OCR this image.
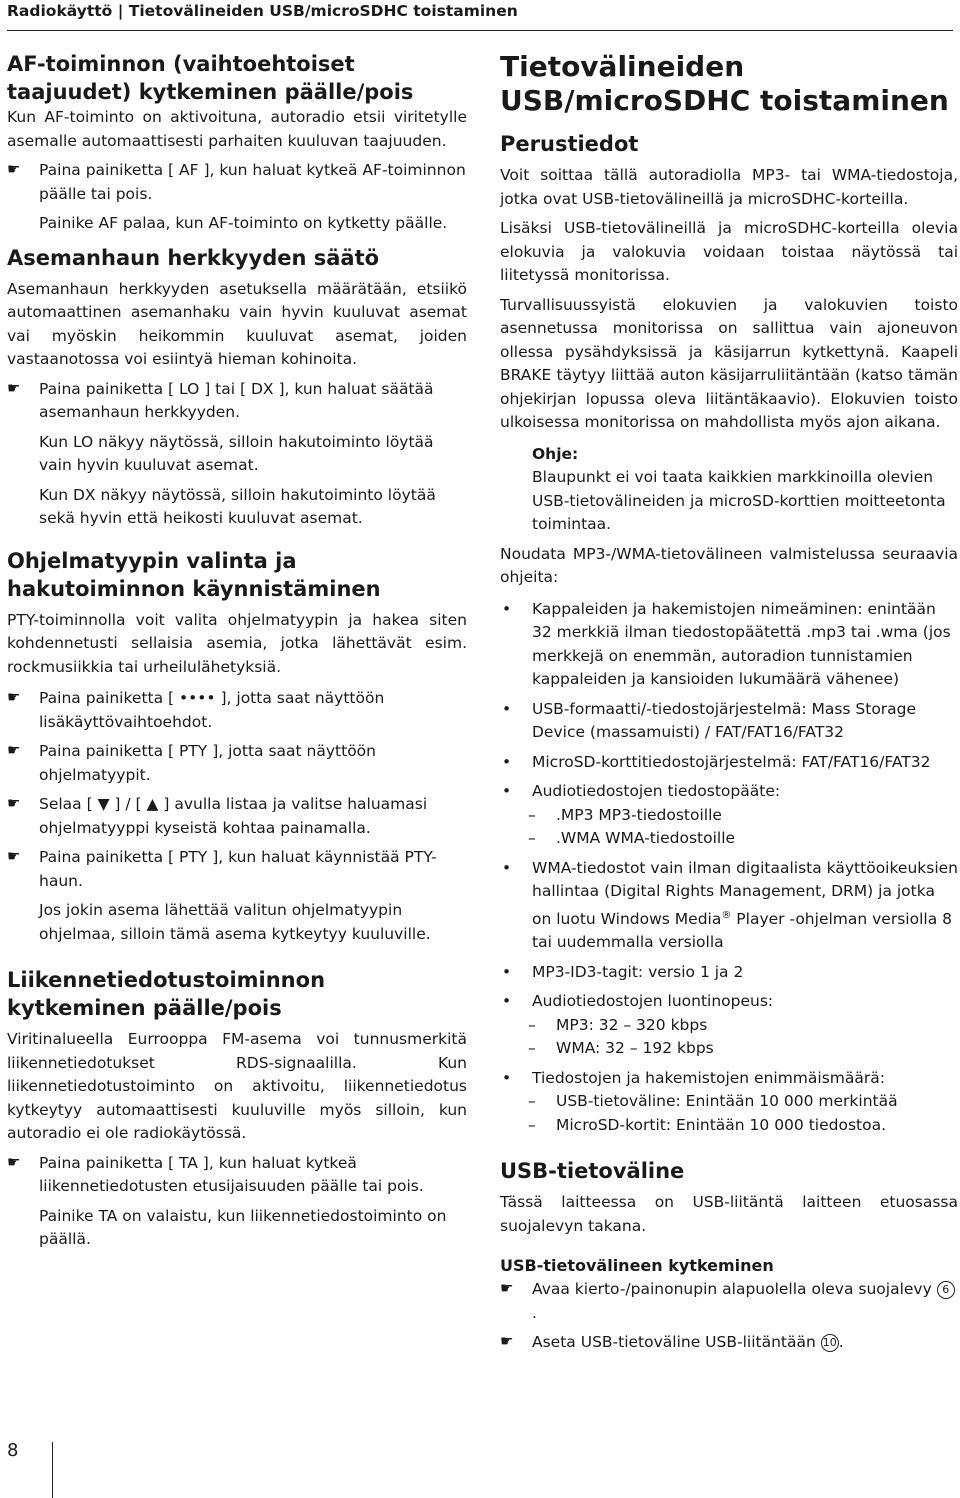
Radiokäyttö | Tietovälineiden USB/microSDHC toistaminen

AF-toiminnon (vaihtoehtoiset taajuudet) kytkeminen päälle/pois

Kun AF-toiminto on aktivoituna, autoradio etsii viritetylle asemalle automaattisesti parhaiten kuuluvan taajuuden.

☛	Paina painiketta [ AF ], kun haluat kytkeä AF-toiminnon päälle tai pois.

Painike AF palaa, kun AF-toiminto on kytketty päälle.

Asemanhaun herkkyyden säätö

Asemanhaun herkkyyden asetuksella määrätään, etsiikö automaattinen asemanhaku vain hyvin kuuluvat asemat vai myöskin heikommin kuuluvat asemat, joiden vastaanotossa voi esiintyä hieman kohinoita.

☛	Paina painiketta [ LO ] tai [ DX ], kun haluat säätää asemanhaun herkkyyden.

Kun LO näkyy näytössä, silloin hakutoiminto löytää vain hyvin kuuluvat asemat.

Kun DX näkyy näytössä, silloin hakutoiminto löytää sekä hyvin että heikosti kuuluvat asemat.

Ohjelmatyypin valinta ja hakutoiminnon käynnistäminen

PTY-toiminnolla voit valita ohjelmatyypin ja hakea siten kohdennetusti sellaisia asemia, jotka lähettävät esim. rockmusiikkia tai urheilulähetyksiä.

☛	Paina painiketta [ •••• ], jotta saat näyttöön lisäkäyttövaihtoehdot.
☛	Paina painiketta [ PTY ], jotta saat näyttöön ohjelmatyypit.
☛	Selaa [ ▼ ] / [ ▲ ] avulla listaa ja valitse haluamasi ohjelmatyyppi kyseistä kohtaa painamalla.
☛	Paina painiketta [ PTY ], kun haluat käynnistää PTY-haun.

Jos jokin asema lähettää valitun ohjelmatyypin ohjelmaa, silloin tämä asema kytkeytyy kuuluville.

Liikennetiedotustoiminnon kytkeminen päälle/pois

Viritinalueella Eurrooppa FM-asema voi tunnusmerkitä liikennetiedotukset RDS-signaalilla. Kun liikennetiedotustoiminto on aktivoitu, liikennetiedotus kytkeytyy automaattisesti kuuluville myös silloin, kun autoradio ei ole radiokäytössä.

☛	Paina painiketta [ TA ], kun haluat kytkeä liikennetiedotusten etusijaisuuden päälle tai pois.

Painike TA on valaistu, kun liikennetiedostoiminto on päällä.

Tietovälineiden USB/microSDHC toistaminen

Perustiedot

Voit soittaa tällä autoradiolla MP3- tai WMA-tiedostoja, jotka ovat USB-tietovälineillä ja microSDHC-korteilla.

Lisäksi USB-tietovälineillä ja microSDHC-korteilla olevia elokuvia ja valokuvia voidaan toistaa näytössä tai liitetyssä monitorissa.

Turvallisuussyistä elokuvien ja valokuvien toisto asennetussa monitorissa on sallittua vain ajoneuvon ollessa pysähdyksissä ja käsijarrun kytkettynä. Kaapeli BRAKE täytyy liittää auton käsijarruliitäntään (katso tämän ohjekirjan lopussa oleva liitäntäkaavio). Elokuvien toisto ulkoisessa monitorissa on mahdollista myös ajon aikana.

Ohje:

Blaupunkt ei voi taata kaikkien markkinoilla olevien USB-tietovälineiden ja microSD-korttien moitteetonta toimintaa.

Noudata MP3-/WMA-tietovälineen valmistelussa seuraavia ohjeita:

• Kappaleiden ja hakemistojen nimeäminen: enintään 32 merkkiä ilman tiedostopäätettä .mp3 tai .wma (jos merkkejä on enemmän, autoradion tunnistamien kappaleiden ja kansioiden lukumäärä vähenee)
• USB-formaatti/-tiedostojärjestelmä: Mass Storage Device (massamuisti) / FAT/FAT16/FAT32
• MicroSD-korttitiedostojärjestelmä: FAT/FAT16/FAT32
• Audiotiedostojen tiedostopääte:
– .MP3 MP3-tiedostoille
– .WMA WMA-tiedostoille
• WMA-tiedostot vain ilman digitaalista käyttöoikeuksien hallintaa (Digital Rights Management, DRM) ja jotka on luotu Windows Media® Player -ohjelman versiolla 8 tai uudemmalla versiolla
• MP3-ID3-tagit: versio 1 ja 2
• Audiotiedostojen luontinopeus:
– MP3: 32 – 320 kbps
– WMA: 32 – 192 kbps
• Tiedostojen ja hakemistojen enimmäismäärä:
– USB-tietoväline: Enintään 10 000 merkintää
– MicroSD-kortit: Enintään 10 000 tiedostoa.

USB-tietoväline

Tässä laitteessa on USB-liitäntä laitteen etuosassa suojalevyn takana.

USB-tietovälineen kytkeminen

☛	Avaa kierto-/painonupin alapuolella oleva suojalevy 6.
☛	Aseta USB-tietoväline USB-liitäntään 10 .
8
